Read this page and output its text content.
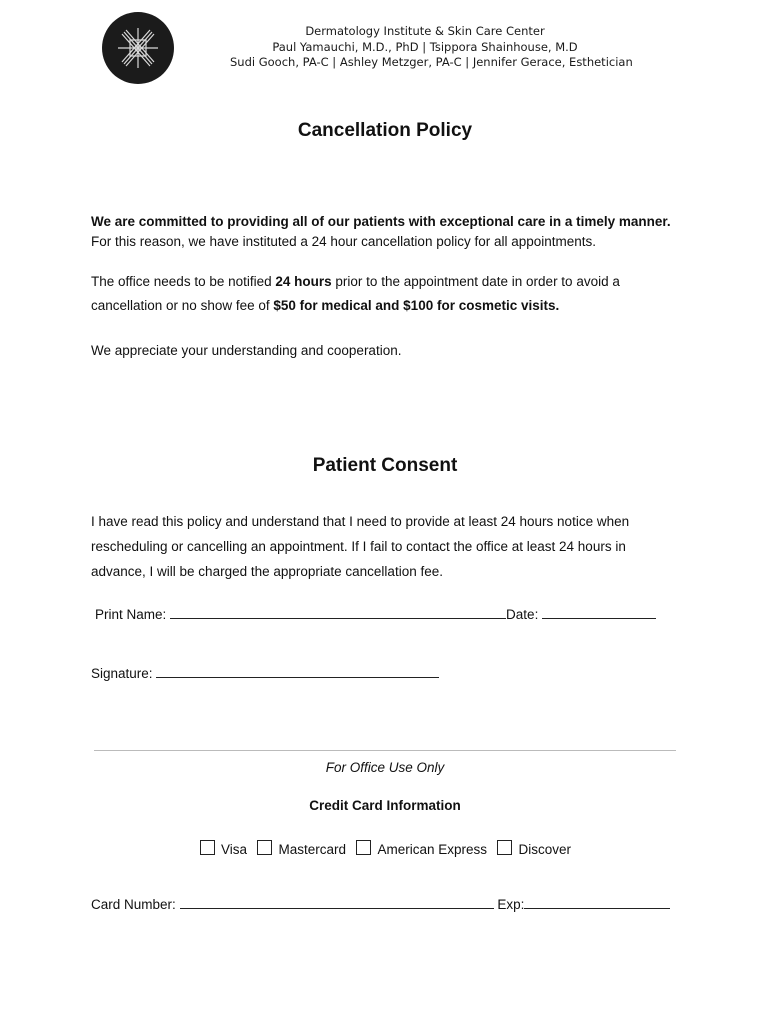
Dermatology Institute & Skin Care Center
Paul Yamauchi, M.D., PhD | Tsippora Shainhouse, M.D
Sudi Gooch, PA-C | Ashley Metzger, PA-C | Jennifer Gerace, Esthetician
Cancellation Policy
We are committed to providing all of our patients with exceptional care in a timely manner. For this reason, we have instituted a 24 hour cancellation policy for all appointments.
The office needs to be notified 24 hours prior to the appointment date in order to avoid a
cancellation or no show fee of $50 for medical and $100 for cosmetic visits.
We appreciate your understanding and cooperation.
Patient Consent
I have read this policy and understand that I need to provide at least 24 hours notice when
rescheduling or cancelling an appointment. If I fail to contact the office at least 24 hours in
advance, I will be charged the appropriate cancellation fee.
Print Name:	Date:
Signature:
For Office Use Only
Credit Card Information
Visa Mastercard American Express Discover
Card Number:	Exp:
